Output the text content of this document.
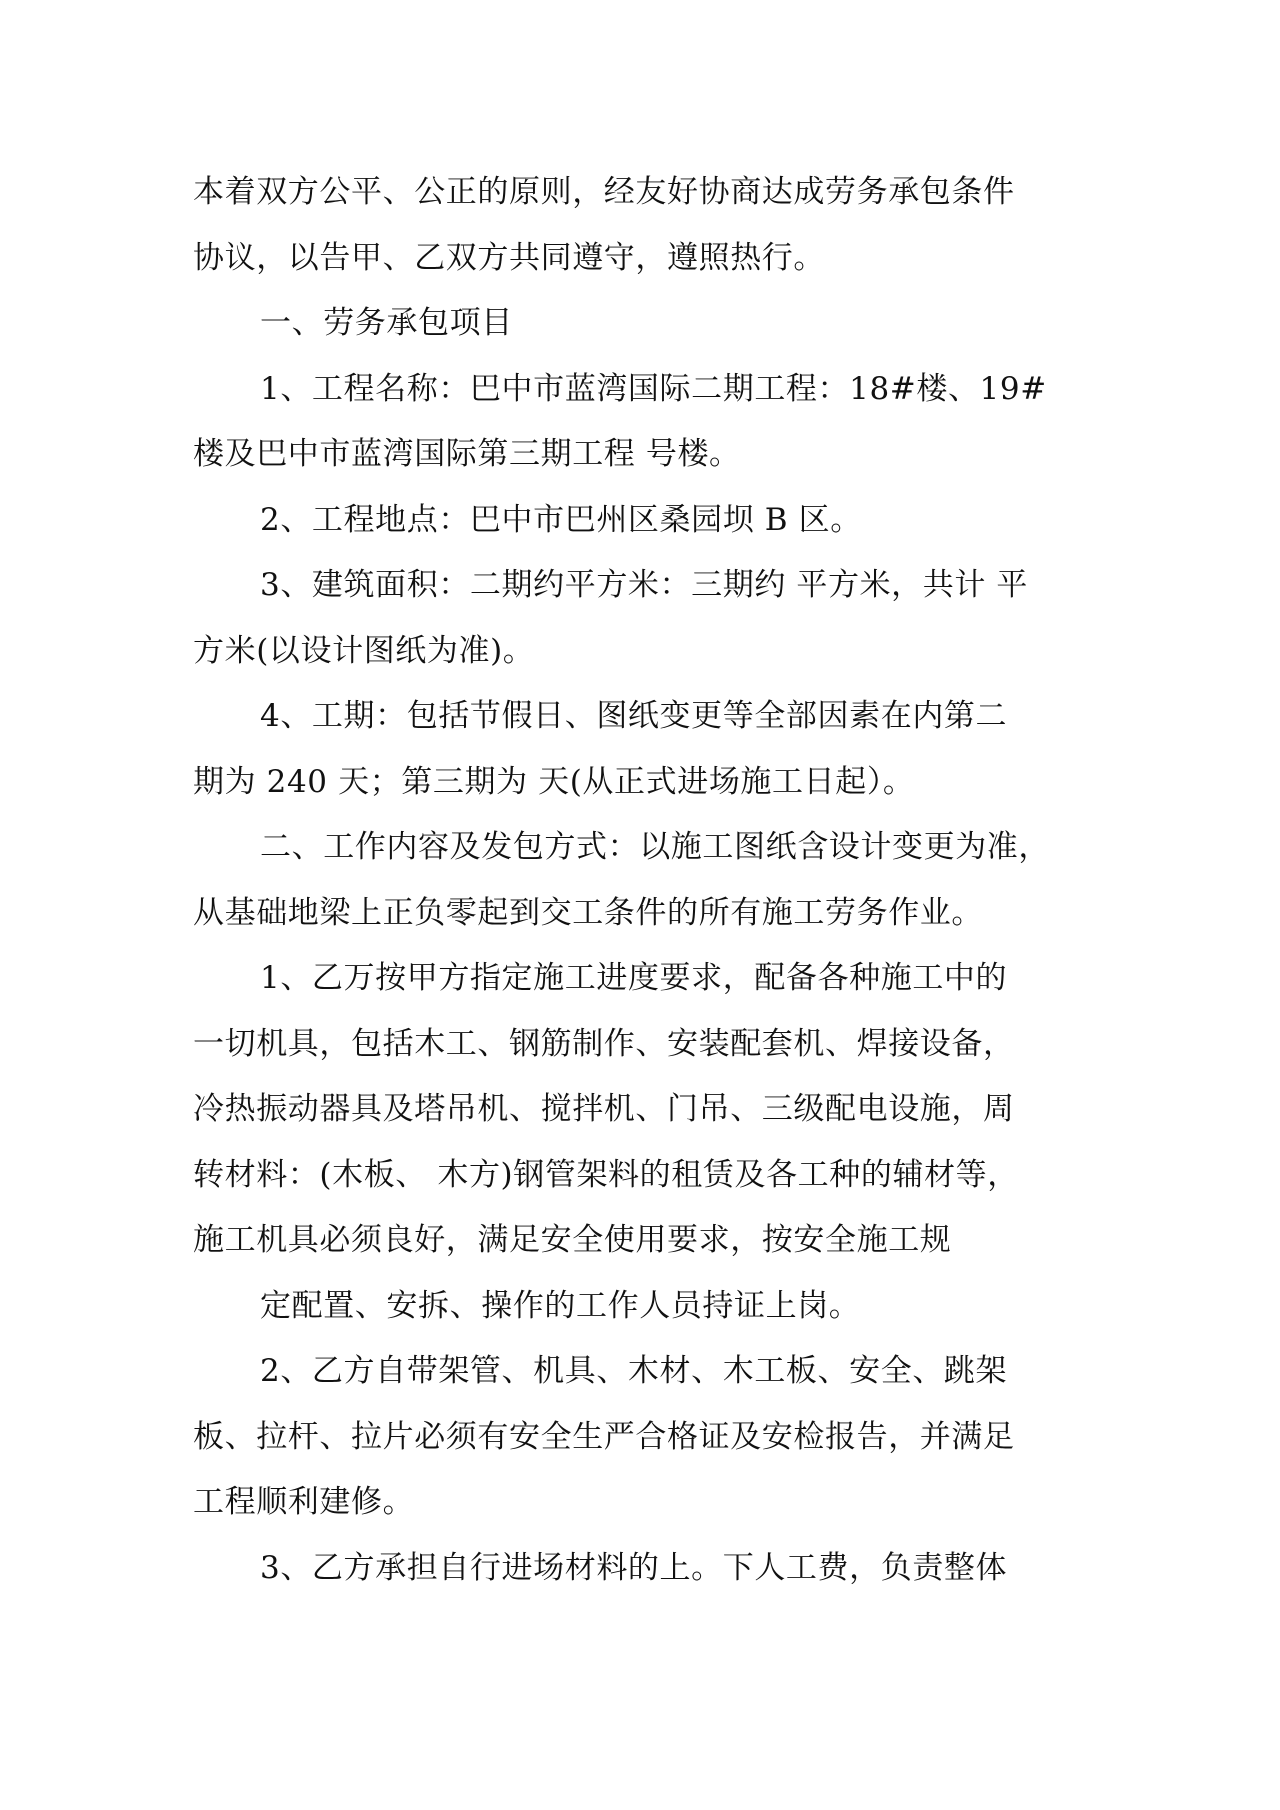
本着双方公平、公正的原则，经友好协商达成劳务承包条件

协议，以告甲、乙双方共同遵守，遵照热行。

一、劳务承包项目

1、工程名称：巴中市蓝湾国际二期工程：18#楼、19#

楼及巴中市蓝湾国际第三期工程 号楼。

2、工程地点：巴中市巴州区桑园坝 B 区。

3、建筑面积：二期约平方米：三期约 平方米，共计 平

方米(以设计图纸为准)。

4、工期：包括节假日、图纸变更等全部因素在内第二

期为 240 天；第三期为 天(从正式进场施工日起）。

二、工作内容及发包方式：以施工图纸含设计变更为准，

从基础地梁上正负零起到交工条件的所有施工劳务作业。

1、乙万按甲方指定施工进度要求，配备各种施工中的

一切机具，包括木工、钢筋制作、安装配套机、焊接设备，

冷热振动器具及塔吊机、搅拌机、门吊、三级配电设施，周

转材料：(木板、 木方)钢管架料的租赁及各工种的辅材等，

施工机具必须良好，满足安全使用要求，按安全施工规

定配置、安拆、操作的工作人员持证上岗。

2、乙方自带架管、机具、木材、木工板、安全、跳架

板、拉杆、拉片必须有安全生严合格证及安检报告，并满足

工程顺利建修。

3、乙方承担自行进场材料的上。下人工费，负责整体
